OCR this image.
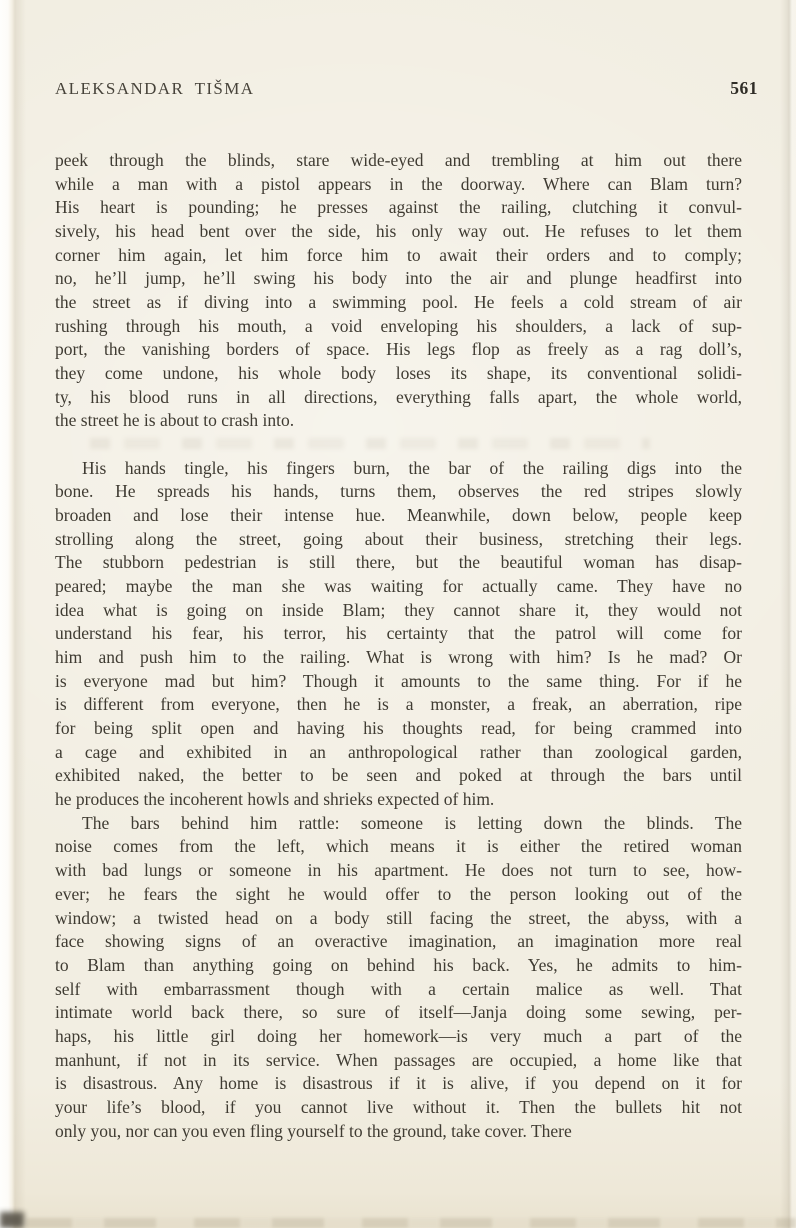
ALEKSANDAR TIŠMA	561
peek through the blinds, stare wide-eyed and trembling at him out there
while a man with a pistol appears in the doorway. Where can Blam turn?
His heart is pounding; he presses against the railing, clutching it convul-
sively, his head bent over the side, his only way out. He refuses to let them
corner him again, let him force him to await their orders and to comply;
no, he’ll jump, he’ll swing his body into the air and plunge headfirst into
the street as if diving into a swimming pool. He feels a cold stream of air
rushing through his mouth, a void enveloping his shoulders, a lack of sup-
port, the vanishing borders of space. His legs flop as freely as a rag doll’s,
they come undone, his whole body loses its shape, its conventional solidi-
ty, his blood runs in all directions, everything falls apart, the whole world,
the street he is about to crash into.
His hands tingle, his fingers burn, the bar of the railing digs into the
bone. He spreads his hands, turns them, observes the red stripes slowly
broaden and lose their intense hue. Meanwhile, down below, people keep
strolling along the street, going about their business, stretching their legs.
The stubborn pedestrian is still there, but the beautiful woman has disap-
peared; maybe the man she was waiting for actually came. They have no
idea what is going on inside Blam; they cannot share it, they would not
understand his fear, his terror, his certainty that the patrol will come for
him and push him to the railing. What is wrong with him? Is he mad? Or
is everyone mad but him? Though it amounts to the same thing. For if he
is different from everyone, then he is a monster, a freak, an aberration, ripe
for being split open and having his thoughts read, for being crammed into
a cage and exhibited in an anthropological rather than zoological garden,
exhibited naked, the better to be seen and poked at through the bars until
he produces the incoherent howls and shrieks expected of him.
The bars behind him rattle: someone is letting down the blinds. The
noise comes from the left, which means it is either the retired woman
with bad lungs or someone in his apartment. He does not turn to see, how-
ever; he fears the sight he would offer to the person looking out of the
window; a twisted head on a body still facing the street, the abyss, with a
face showing signs of an overactive imagination, an imagination more real
to Blam than anything going on behind his back. Yes, he admits to him-
self with embarrassment though with a certain malice as well. That
intimate world back there, so sure of itself—Janja doing some sewing, per-
haps, his little girl doing her homework—is very much a part of the
manhunt, if not in its service. When passages are occupied, a home like that
is disastrous. Any home is disastrous if it is alive, if you depend on it for
your life’s blood, if you cannot live without it. Then the bullets hit not
only you, nor can you even fling yourself to the ground, take cover. There
